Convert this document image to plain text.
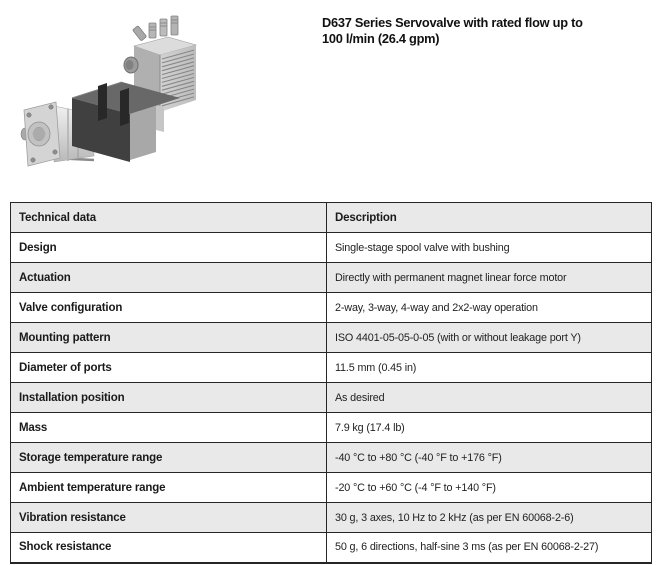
D637 Series Servovalve with rated flow up to
100 l/min (26.4 gpm)
Technical data	Description
Design	Single-stage spool valve with bushing
Actuation	Directly with permanent magnet linear force motor
Valve configuration	2-way, 3-way, 4-way and 2x2-way operation
Mounting pattern	ISO 4401-05-05-0-05 (with or without leakage port Y)
Diameter of ports	11.5 mm (0.45 in)
Installation position	As desired
Mass	7.9 kg (17.4 lb)
Storage temperature range	-40 °C to +80 °C (-40 °F to +176 °F)
Ambient temperature range	-20 °C to +60 °C (-4 °F to +140 °F)
Vibration resistance	30 g, 3 axes, 10 Hz to 2 kHz (as per EN 60068-2-6)
Shock resistance	50 g, 6 directions, half-sine 3 ms (as per EN 60068-2-27)
